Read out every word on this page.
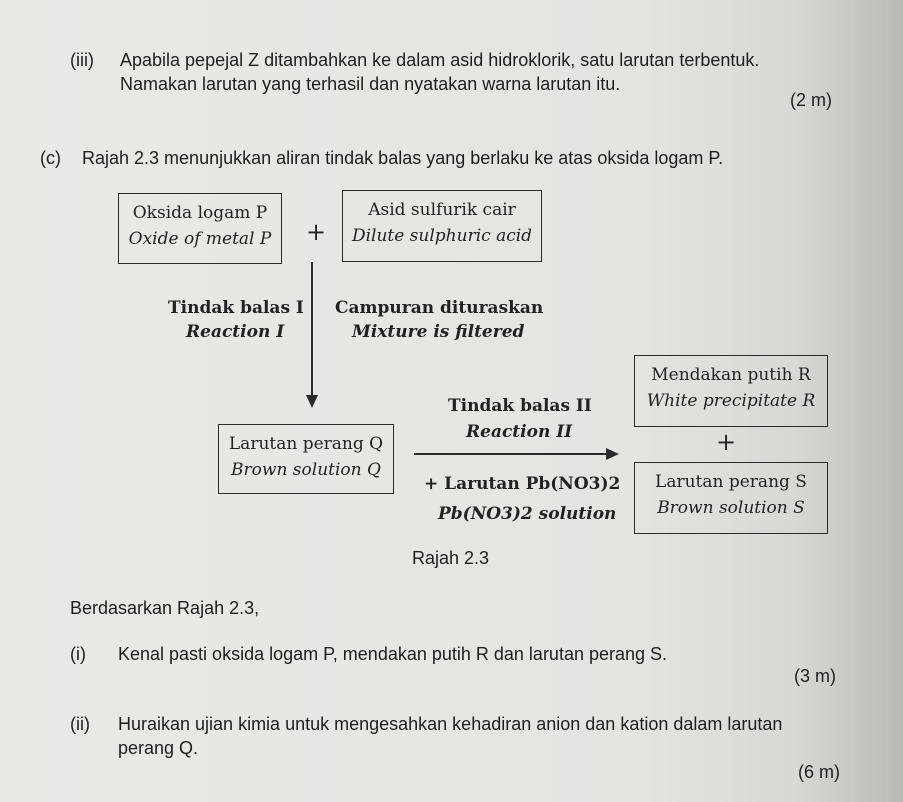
(iii) Apabila pepejal Z ditambahkan ke dalam asid hidroklorik, satu larutan terbentuk.
Namakan larutan yang terhasil dan nyatakan warna larutan itu.
(2 m)
(c) Rajah 2.3 menunjukkan aliran tindak balas yang berlaku ke atas oksida logam P.
Oksida logam P
Oxide of metal P	+
Asid sulfurik cair
Dilute sulphuric acid
Tindak balas I
Reaction I
Campuran dituraskan
Mixture is filtered
Larutan perang Q
Brown solution Q
Tindak balas II
Reaction II
+ Larutan Pb(NO3)2
Pb(NO3)2 solution
Mendakan putih R
White precipitate R
+
Larutan perang S
Brown solution S
Rajah 2.3
Berdasarkan Rajah 2.3,
(i) Kenal pasti oksida logam P, mendakan putih R dan larutan perang S.
(3 m)
(ii) Huraikan ujian kimia untuk mengesahkan kehadiran anion dan kation dalam larutan
perang Q.
(6 m)
